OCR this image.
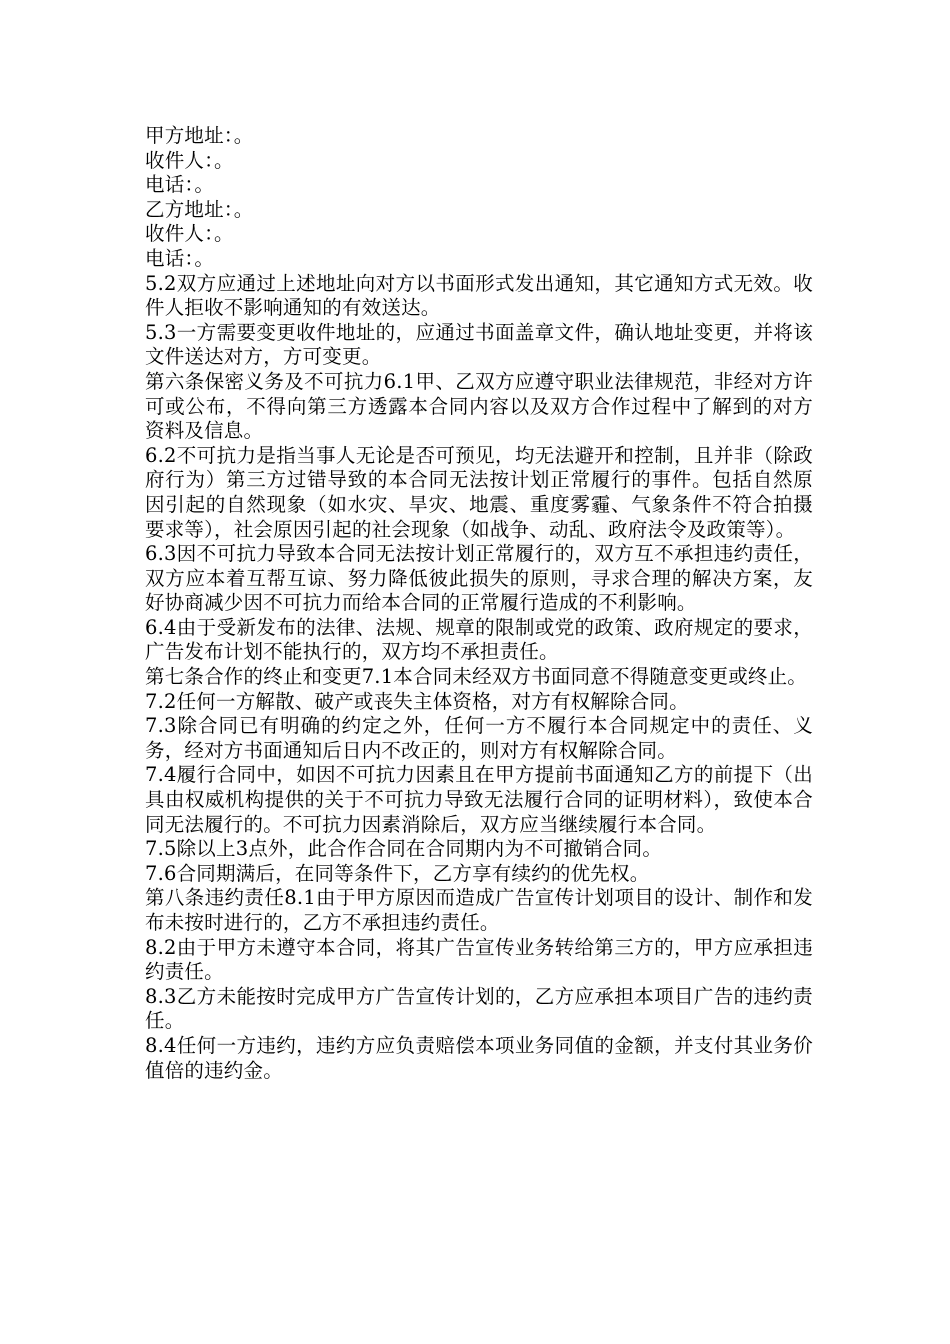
甲方地址：。

收件人：。

电话：。

乙方地址：。

收件人：。

电话：。

5.2双方应通过上述地址向对方以书面形式发出通知，其它通知方式无效。收件人拒收不影响通知的有效送达。

5.3一方需要变更收件地址的，应通过书面盖章文件，确认地址变更，并将该文件送达对方，方可变更。

第六条保密义务及不可抗力6.1甲、乙双方应遵守职业法律规范，非经对方许可或公布，不得向第三方透露本合同内容以及双方合作过程中了解到的对方资料及信息。

6.2不可抗力是指当事人无论是否可预见，均无法避开和控制，且并非（除政府行为）第三方过错导致的本合同无法按计划正常履行的事件。包括自然原因引起的自然现象（如水灾、旱灾、地震、重度雾霾、气象条件不符合拍摄要求等），社会原因引起的社会现象（如战争、动乱、政府法令及政策等）。

6.3因不可抗力导致本合同无法按计划正常履行的，双方互不承担违约责任，双方应本着互帮互谅、努力降低彼此损失的原则，寻求合理的解决方案，友好协商减少因不可抗力而给本合同的正常履行造成的不利影响。

6.4由于受新发布的法律、法规、规章的限制或党的政策、政府规定的要求，广告发布计划不能执行的，双方均不承担责任。

第七条合作的终止和变更7.1本合同未经双方书面同意不得随意变更或终止。

7.2任何一方解散、破产或丧失主体资格，对方有权解除合同。

7.3除合同已有明确的约定之外，任何一方不履行本合同规定中的责任、义务，经对方书面通知后日内不改正的，则对方有权解除合同。

7.4履行合同中，如因不可抗力因素且在甲方提前书面通知乙方的前提下（出具由权威机构提供的关于不可抗力导致无法履行合同的证明材料），致使本合同无法履行的。不可抗力因素消除后，双方应当继续履行本合同。

7.5除以上3点外，此合作合同在合同期内为不可撤销合同。

7.6合同期满后，在同等条件下，乙方享有续约的优先权。

第八条违约责任8.1由于甲方原因而造成广告宣传计划项目的设计、制作和发布未按时进行的，乙方不承担违约责任。

8.2由于甲方未遵守本合同，将其广告宣传业务转给第三方的，甲方应承担违约责任。

8.3乙方未能按时完成甲方广告宣传计划的，乙方应承担本项目广告的违约责任。

8.4任何一方违约，违约方应负责赔偿本项业务同值的金额，并支付其业务价值倍的违约金。
